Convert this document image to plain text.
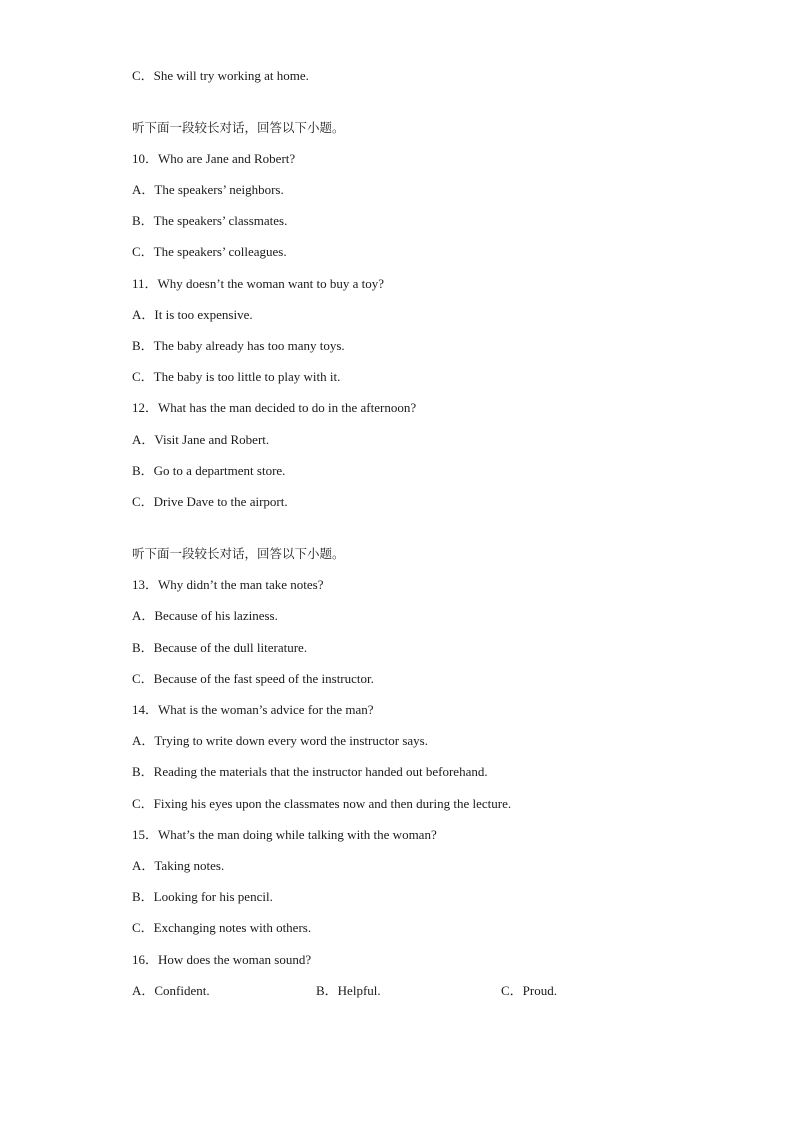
C．She will try working at home.
听下面一段较长对话，回答以下小题。
10．Who are Jane and Robert?
A．The speakers’ neighbors.
B．The speakers’ classmates.
C．The speakers’ colleagues.
11．Why doesn’t the woman want to buy a toy?
A．It is too expensive.
B．The baby already has too many toys.
C．The baby is too little to play with it.
12．What has the man decided to do in the afternoon?
A．Visit Jane and Robert.
B．Go to a department store.
C．Drive Dave to the airport.
听下面一段较长对话，回答以下小题。
13．Why didn’t the man take notes?
A．Because of his laziness.
B．Because of the dull literature.
C．Because of the fast speed of the instructor.
14．What is the woman’s advice for the man?
A．Trying to write down every word the instructor says.
B．Reading the materials that the instructor handed out beforehand.
C．Fixing his eyes upon the classmates now and then during the lecture.
15．What’s the man doing while talking with the woman?
A．Taking notes.
B．Looking for his pencil.
C．Exchanging notes with others.
16．How does the woman sound?
A．Confident.	B．Helpful.	C．Proud.
